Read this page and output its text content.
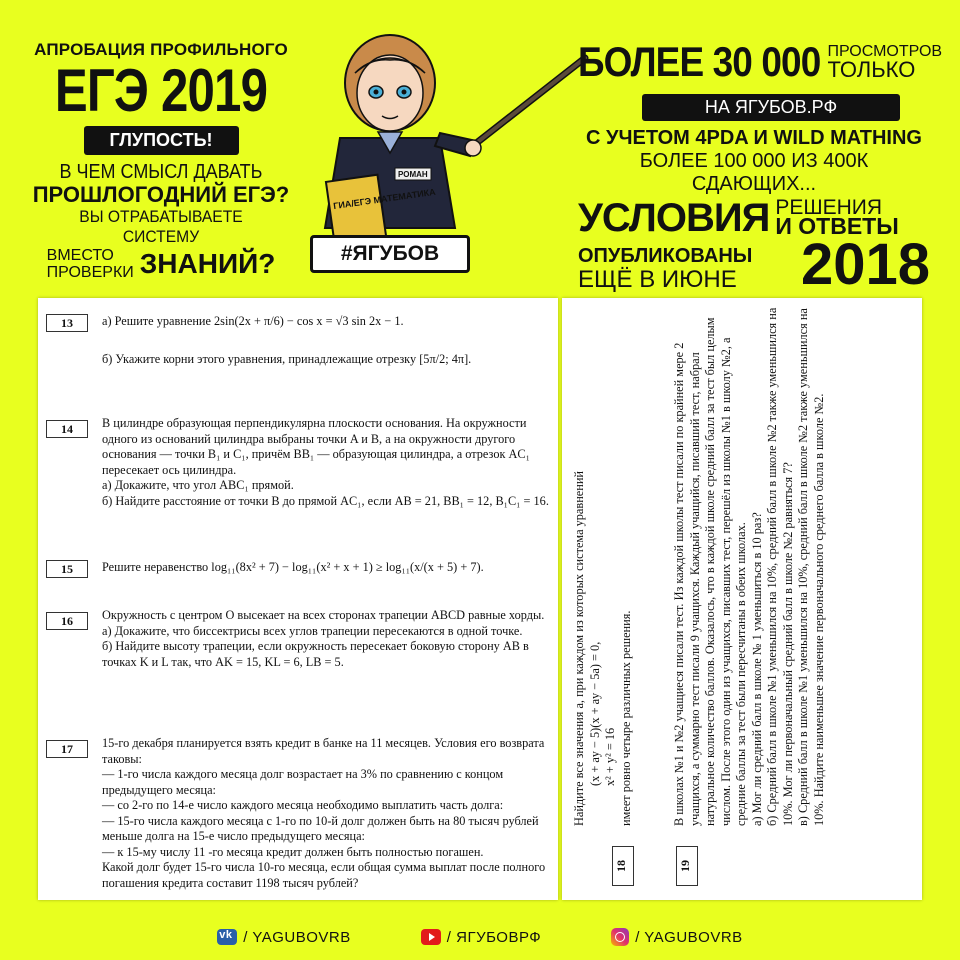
АПРОБАЦИЯ ПРОФИЛЬНОГО
ЕГЭ 2019
ГЛУПОСТЬ!
В ЧЕМ СМЫСЛ ДАВАТЬ
ПРОШЛОГОДНИЙ ЕГЭ?
ВЫ ОТРАБАТЫВАЕТЕ СИСТЕМУ
ВМЕСТО
ПРОВЕРКИ ЗНАНИЙ?
ГИА/ЕГЭ МАТЕМАТИКА
РОМАН
#ЯГУБОВ
БОЛЕЕ 30 000 ПРОСМОТРОВ
ТОЛЬКО
НА ЯГУБОВ.РФ
С УЧЕТОМ 4PDA И WILD MATHING
БОЛЕЕ 100 000 ИЗ 400К СДАЮЩИХ...
УСЛОВИЯ РЕШЕНИЯ
И ОТВЕТЫ
ОПУБЛИКОВАНЫ
ЕЩЁ В ИЮНЕ 2018
13	а) Решите уравнение 2sin(2x + π/6) − cos x = √3 sin 2x − 1.

б) Укажите корни этого уравнения, принадлежащие отрезку [5π/2; 4π].

14	В цилиндре образующая перпендикулярна плоскости основания. На окружности одного из оснований цилиндра выбраны точки A и B, а на окружности другого основания — точки B₁ и C₁, причём BB₁ — образующая цилиндра, а отрезок AC₁ пересекает ось цилиндра.

а) Докажите, что угол ABC₁ прямой.

б) Найдите расстояние от точки B до прямой AC₁, если AB = 21, BB₁ = 12, B₁C₁ = 16.

15	Решите неравенство log₁₁(8x² + 7) − log₁₁(x² + x + 1) ≥ log₁₁(x/(x + 5) + 7).

16	Окружность с центром O высекает на всех сторонах трапеции ABCD равные хорды.

а) Докажите, что биссектрисы всех углов трапеции пересекаются в одной точке.

б) Найдите высоту трапеции, если окружность пересекает боковую сторону AB в точках K и L так, что AK = 15, KL = 6, LB = 5.

17	15-го декабря планируется взять кредит в банке на 11 месяцев. Условия его возврата таковы:

— 1-го числа каждого месяца долг возрастает на 3% по сравнению с концом предыдущего месяца:

— со 2-го по 14-е число каждого месяца необходимо выплатить часть долга:

— 15-го числа каждого месяца с 1-го по 10-й долг должен быть на 80 тысяч рублей меньше долга на 15-е число предыдущего месяца:

— к 15-му числу 11 -го месяца кредит должен быть полностью погашен.

Какой долг будет 15-го числа 10-го месяца, если общая сумма выплат после полного погашения кредита составит 1198 тысяч рублей?

18

Найдите все значения a, при каждом из которых система уравнений (x + ay − 5)(x + ay − 5a) = 0, x² + y² = 16 имеет ровно четыре различных решения.

19

В школах №1 и №2 учащиеся писали тест. Из каждой школы тест писали по крайней мере 2 учащихся, а суммарно тест писали 9 учащихся. Каждый учащийся, писавший тест, набрал натуральное количество баллов. Оказалось, что в каждой школе средний балл за тест был целым числом. После этого один из учащихся, писавших тест, перешёл из школы №1 в школу №2, а средние баллы за тест были пересчитаны в обеих школах. а) Мог ли средний балл в школе № 1 уменьшиться в 10 раз? б) Средний балл в школе №1 уменьшился на 10%, средний балл в школе №2 также уменьшился на 10%. Мог ли первоначальный средний балл в школе №2 равняться 7? в) Средний балл в школе №1 уменьшился на 10%, средний балл в школе №2 также уменьшился на 10%. Найдите наименьшее значение первоначального среднего балла в школе №2.

vk
/ YAGUBOVRB	/ ЯГУБОВРФ	/ YAGUBOVRB
